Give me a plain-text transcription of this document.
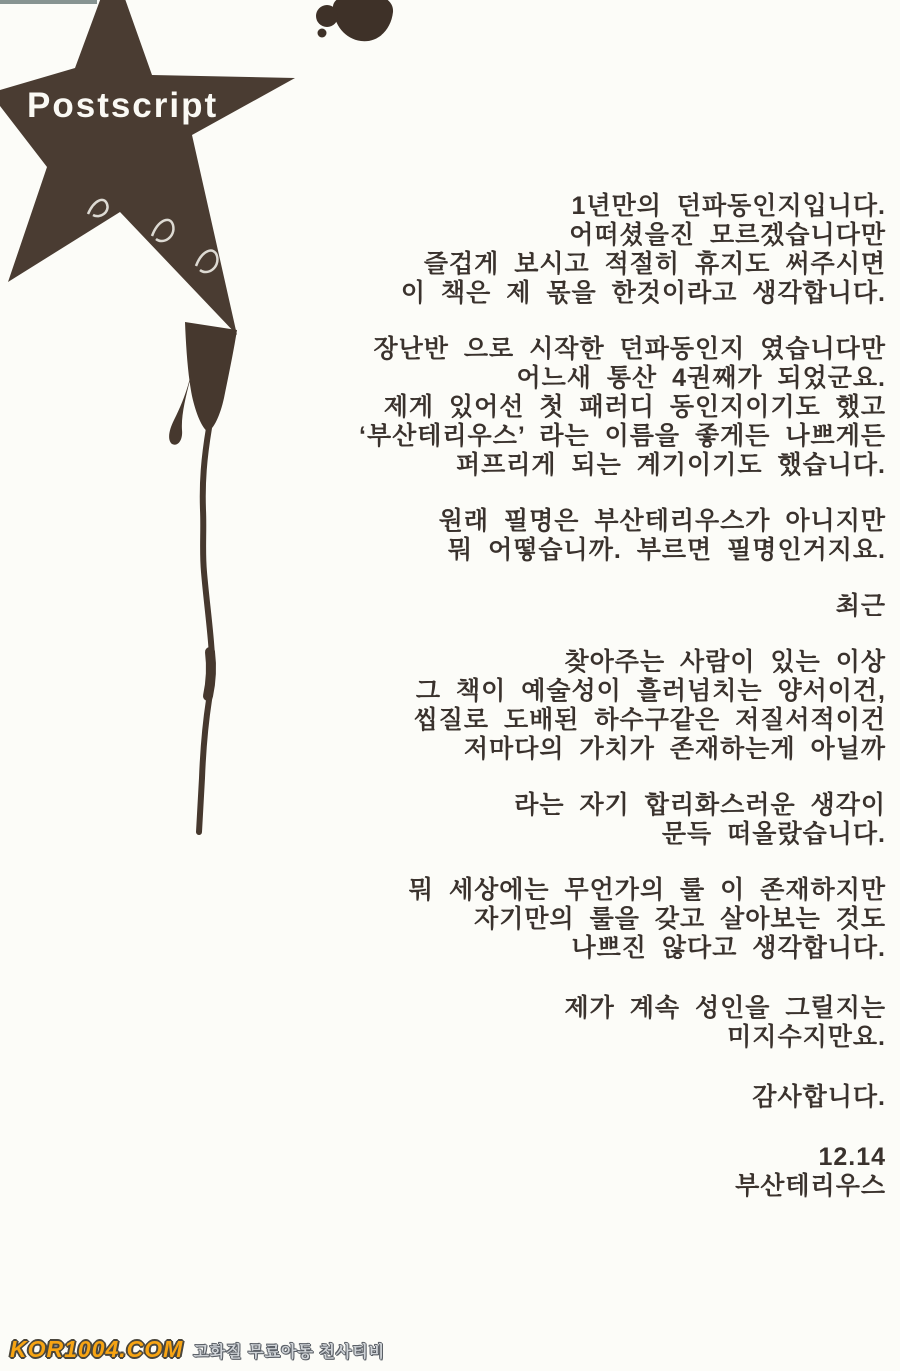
Postscript

1년만의 던파동인지입니다.
어떠셨을진 모르겠습니다만
즐겁게 보시고 적절히 휴지도 써주시면
이 책은 제 몫을 한것이라고 생각합니다.

장난반 으로 시작한 던파동인지 였습니다만
어느새 통산 4권째가 되었군요.
제게 있어선 첫 패러디 동인지이기도 했고
‘부산테리우스’ 라는 이름을 좋게든 나쁘게든
퍼프리게 되는 계기이기도 했습니다.

원래 필명은 부산테리우스가 아니지만
뭐 어떻습니까. 부르면 필명인거지요.

최근

찾아주는 사람이 있는 이상
그 책이 예술성이 흘러넘치는 양서이건,
씹질로 도배된 하수구같은 저질서적이건
저마다의 가치가 존재하는게 아닐까

라는 자기 합리화스러운 생각이
문득 떠올랐습니다.

뭐 세상에는 무언가의 룰 이 존재하지만
자기만의 룰을 갖고 살아보는 것도
나쁘진 않다고 생각합니다.

제가 계속 성인을 그릴지는
미지수지만요.

감사합니다.

12.14
부산테리우스

KOR1004.COM 고화질 무료아동 천사티비
